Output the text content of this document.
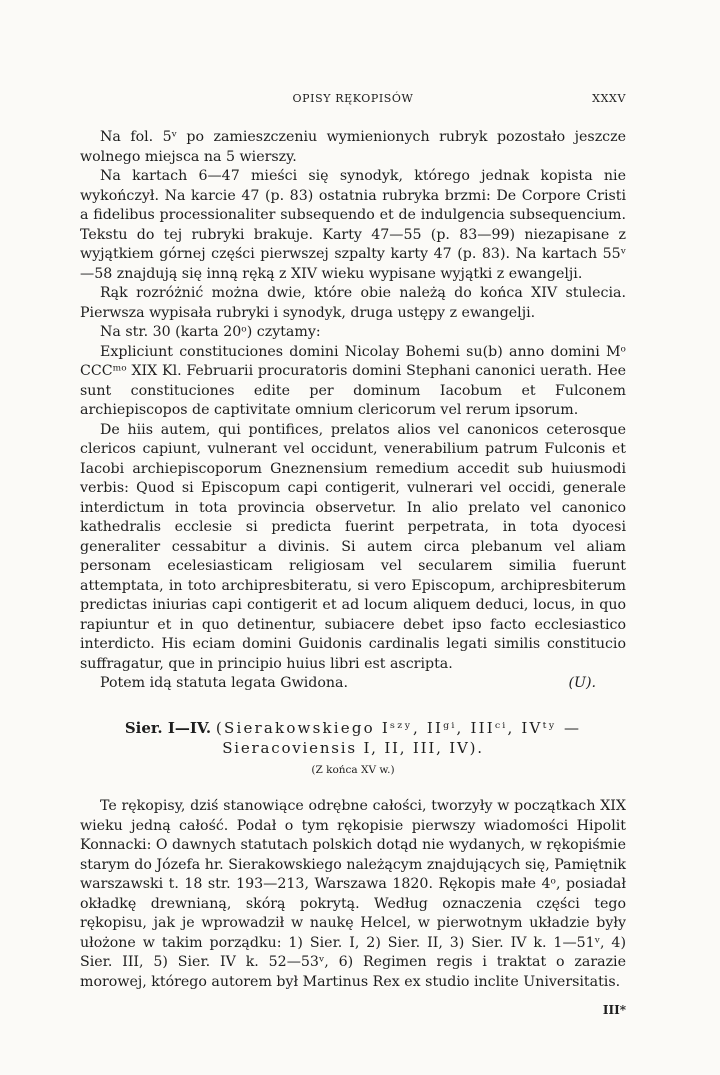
OPISY RĘKOPISÓW	XXXV

Na fol. 5ᵛ po zamieszczeniu wymienionych rubryk pozostało jeszcze wolnego miejsca na 5 wierszy.

Na kartach 6—47 mieści się synodyk, którego jednak kopista nie wykończył. Na karcie 47 (p. 83) ostatnia rubryka brzmi: De Corpore Cristi a fidelibus processionaliter subsequendo et de indulgencia subsequencium. Tekstu do tej rubryki brakuje. Karty 47—55 (p. 83—99) niezapisane z wyjątkiem górnej części pierwszej szpalty karty 47 (p. 83). Na kartach 55ᵛ—58 znajdują się inną ręką z XIV wieku wypisane wyjątki z ewangelji.

Rąk rozróżnić można dwie, które obie należą do końca XIV stulecia. Pierwsza wypisała rubryki i synodyk, druga ustępy z ewangelji.

Na str. 30 (karta 20ᵒ) czytamy:

Expliciunt constituciones domini Nicolay Bohemi su(b) anno domini Mᵒ CCCᵐᵒ XIX Kl. Februarii procuratoris domini Stephani canonici uerath. Hee sunt constituciones edite per dominum Iacobum et Fulconem archiepiscopos de captivitate omnium clericorum vel rerum ipsorum.

De hiis autem, qui pontifices, prelatos alios vel canonicos ceterosque clericos capiunt, vulnerant vel occidunt, venerabilium patrum Fulconis et Iacobi archiepiscoporum Gneznensium remedium accedit sub huiusmodi verbis: Quod si Episcopum capi contigerit, vulnerari vel occidi, generale interdictum in tota provincia observetur. In alio prelato vel canonico kathedralis ecclesie si predicta fuerint perpetrata, in tota dyocesi generaliter cessabitur a divinis. Si autem circa plebanum vel aliam personam ecelesiasticam religiosam vel secularem similia fuerunt attemptata, in toto archipresbiteratu, si vero Episcopum, archipresbiterum predictas iniurias capi contigerit et ad locum aliquem deduci, locus, in quo rapiuntur et in quo detinentur, subiacere debet ipso facto ecclesiastico interdicto. His eciam domini Guidonis cardinalis legati similis constitucio suffragatur, que in principio huius libri est ascripta.

Potem idą statuta legata Gwidona.	(U).

Sier. I—IV. (Sierakowskiego Iˢᶻʸ, IIᵍⁱ, IIIᶜⁱ, IVᵗʸ —
Sieracoviensis I, II, III, IV).
(Z końca XV w.)

Te rękopisy, dziś stanowiące odrębne całości, tworzyły w początkach XIX wieku jedną całość. Podał o tym rękopisie pierwszy wiadomości Hipolit Konnacki: O dawnych statutach polskich dotąd nie wydanych, w rękopiśmie starym do Józefa hr. Sierakowskiego należącym znajdujących się, Pamiętnik warszawski t. 18 str. 193—213, Warszawa 1820. Rękopis małe 4ᵒ, posiadał okładkę drewnianą, skórą pokrytą. Według oznaczenia części tego rękopisu, jak je wprowadził w naukę Helcel, w pierwotnym układzie były ułożone w takim porządku: 1) Sier. I, 2) Sier. II, 3) Sier. IV k. 1—51ᵛ, 4) Sier. III, 5) Sier. IV k. 52—53ᵛ, 6) Regimen regis i traktat o zarazie morowej, którego autorem był Martinus Rex ex studio inclite Universitatis.

III*
